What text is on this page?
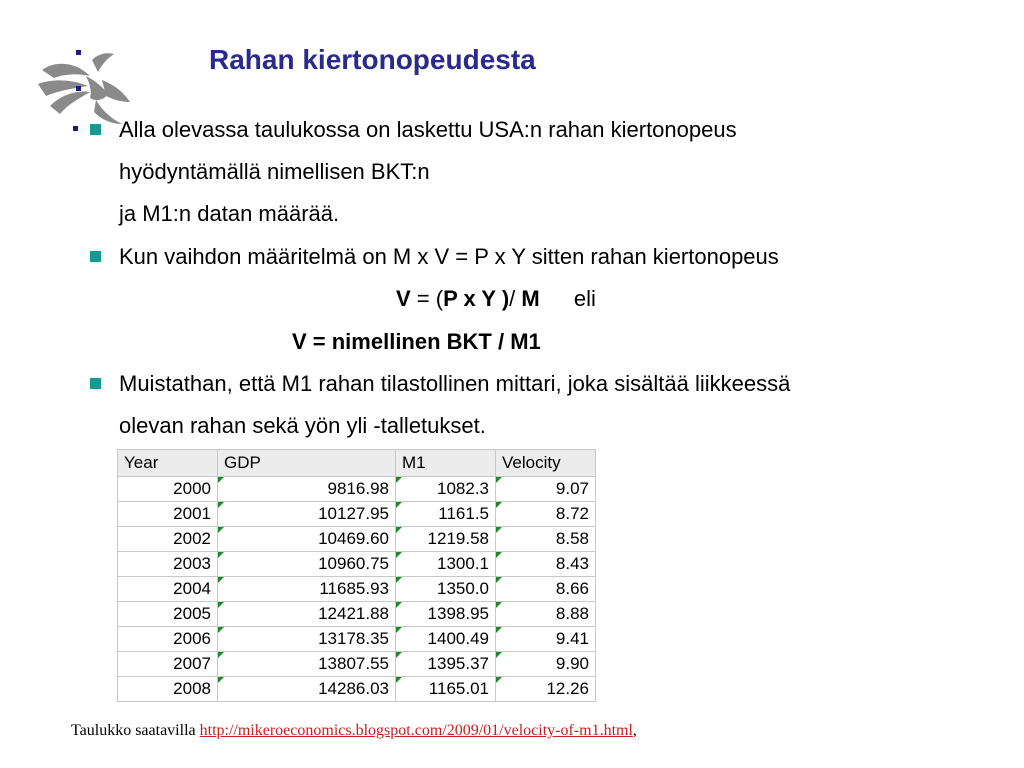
Rahan kiertonopeudesta
Alla olevassa taulukossa on laskettu USA:n rahan kiertonopeus
hyödyntämällä nimellisen BKT:n
ja M1:n datan määrää.
Kun vaihdon määritelmä on M x V = P x Y sitten rahan kiertonopeus
V = (P x Y )/ M eli
V = nimellinen BKT / M1
Muistathan, että M1 rahan tilastollinen mittari, joka sisältää liikkeessä
olevan rahan sekä yön yli -talletukset.
Year	GDP	M1	Velocity
2000	9816.98	1082.3	9.07
2001	10127.95	1161.5	8.72
2002	10469.60	1219.58	8.58
2003	10960.75	1300.1	8.43
2004	11685.93	1350.0	8.66
2005	12421.88	1398.95	8.88
2006	13178.35	1400.49	9.41
2007	13807.55	1395.37	9.90
2008	14286.03	1165.01	12.26
Taulukko saatavilla http://mikeroeconomics.blogspot.com/2009/01/velocity-of-m1.html,
